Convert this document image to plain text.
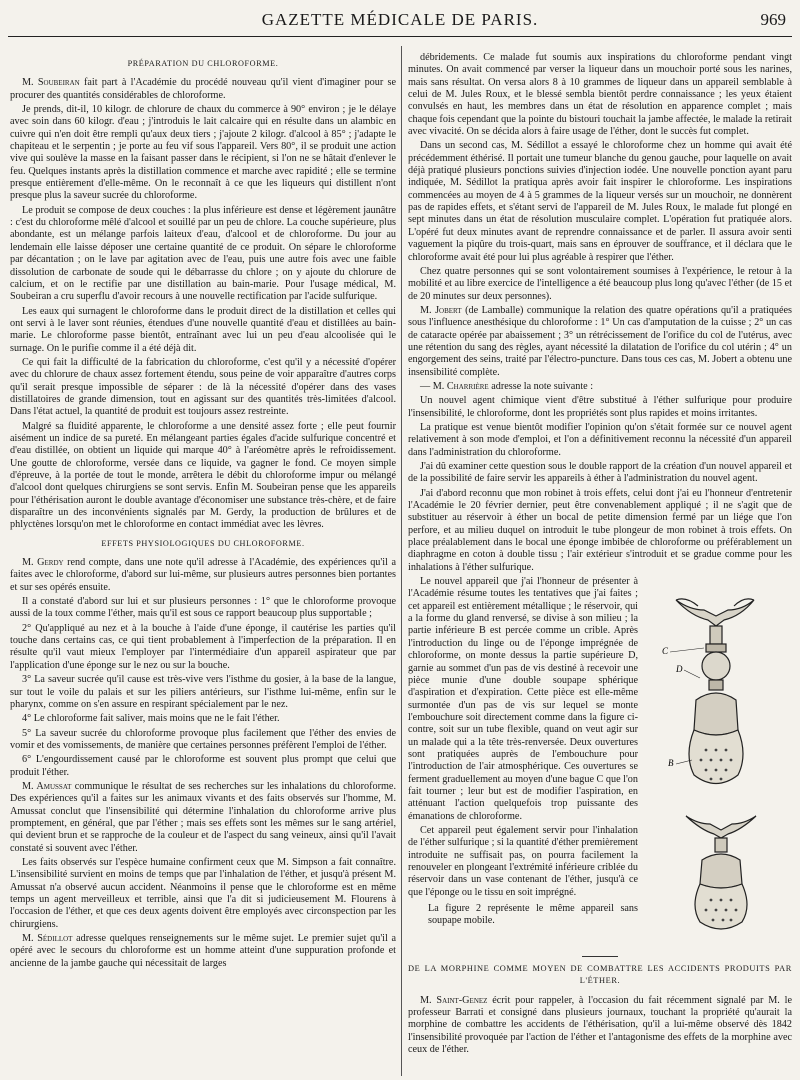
GAZETTE MÉDICALE DE PARIS.	969
PRÉPARATION DU CHLOROFORME.

M. Soubeiran fait part à l'Académie du procédé nouveau qu'il vient d'imaginer pour se procurer des quantités considérables de chloroforme.

Je prends, dit-il, 10 kilogr. de chlorure de chaux du commerce à 90° environ ; je le délaye avec soin dans 60 kilogr. d'eau ; j'introduis le lait calcaire qui en résulte dans un alambic en cuivre qui n'en doit être rempli qu'aux deux tiers ; j'ajoute 2 kilogr. d'alcool à 85° ; j'adapte le chapiteau et le serpentin ; je porte au feu vif sous l'appareil. Vers 80°, il se produit une action vive qui soulève la masse en la faisant passer dans le récipient, si l'on ne se hâtait d'enlever le feu. Quelques instants après la distillation commence et marche avec rapidité ; elle se termine presque entièrement d'elle-même. On le reconnaît à ce que les liqueurs qui distillent n'ont presque plus la saveur sucrée du chloroforme.

Le produit se compose de deux couches : la plus inférieure est dense et légèrement jaunâtre : c'est du chloroforme mêlé d'alcool et souillé par un peu de chlore. La couche supérieure, plus abondante, est un mélange parfois laiteux d'eau, d'alcool et de chloroforme. Du jour au lendemain elle laisse déposer une certaine quantité de ce produit. On sépare le chloroforme par décantation ; on le lave par agitation avec de l'eau, puis une autre fois avec une faible dissolution de carbonate de soude qui le débarrasse du chlore ; on y ajoute du chlorure de calcium, et on le rectifie par une distillation au bain-marie. Pour l'usage médical, M. Soubeiran a cru superflu d'avoir recours à une nouvelle rectification par l'acide sulfurique.

Les eaux qui surnagent le chloroforme dans le produit direct de la distillation et celles qui ont servi à le laver sont réunies, étendues d'une nouvelle quantité d'eau et distillées au bain-marie. Le chloroforme passe bientôt, entraînant avec lui un peu d'eau alcoolisée qui le surnage. On le purifie comme il a été déjà dit.

Ce qui fait la difficulté de la fabrication du chloroforme, c'est qu'il y a nécessité d'opérer avec du chlorure de chaux assez fortement étendu, sous peine de voir apparaître d'autres corps qu'il serait presque impossible de séparer : de là la nécessité d'opérer dans des vases distillatoires de grande dimension, tout en agissant sur des quantités très-limitées d'alcool. Dans l'état actuel, la quantité de produit est toujours assez restreinte.

Malgré sa fluidité apparente, le chloroforme a une densité assez forte ; elle peut fournir aisément un indice de sa pureté. En mélangeant parties égales d'acide sulfurique concentré et d'eau distillée, on obtient un liquide qui marque 40° à l'aréomètre après le refroidissement. Une goutte de chloroforme, versée dans ce liquide, va gagner le fond. Ce moyen simple d'épreuve, à la portée de tout le monde, arrêtera le débit du chloroforme impur ou mélangé d'alcool dont quelques chirurgiens se sont servis. Enfin M. Soubeiran pense que les appareils pour l'éthérisation auront le double avantage d'économiser une substance très-chère, et de faire disparaître un des inconvénients signalés par M. Gerdy, la production de brûlures et de phlyctènes lorsqu'on met le chloroforme en contact immédiat avec les lèvres.

EFFETS PHYSIOLOGIQUES DU CHLOROFORME.

M. Gerdy rend compte, dans une note qu'il adresse à l'Académie, des expériences qu'il a faites avec le chloroforme, d'abord sur lui-même, sur plusieurs autres personnes bien portantes et sur ses opérés ensuite.

Il a constaté d'abord sur lui et sur plusieurs personnes : 1° que le chloroforme provoque aussi de la toux comme l'éther, mais qu'il est sous ce rapport beaucoup plus supportable ;

2° Qu'appliqué au nez et à la bouche à l'aide d'une éponge, il cautérise les parties qu'il touche dans certains cas, ce qui tient probablement à l'imperfection de la préparation. Il en résulte qu'il vaut mieux l'employer par l'intermédiaire d'un appareil aspirateur que par l'application d'une éponge sur le nez ou sur la bouche.

3° La saveur sucrée qu'il cause est très-vive vers l'isthme du gosier, à la base de la langue, sur tout le voile du palais et sur les piliers antérieurs, sur l'isthme lui-même, enfin sur le pharynx, comme on s'en assure en respirant spécialement par le nez.

4° Le chloroforme fait saliver, mais moins que ne le fait l'éther.

5° La saveur sucrée du chloroforme provoque plus facilement que l'éther des envies de vomir et des vomissements, de manière que certaines personnes préfèrent l'emploi de l'éther.

6° L'engourdissement causé par le chloroforme est souvent plus prompt que celui que produit l'éther.

M. Amussat communique le résultat de ses recherches sur les inhalations du chloroforme. Des expériences qu'il a faites sur les animaux vivants et des faits observés sur l'homme, M. Amussat conclut que l'insensibilité qui détermine l'inhalation du chloroforme arrive plus promptement, en général, que par l'éther ; mais ses effets sont les mêmes sur le sang artériel, qui devient brun et se rapproche de la couleur et de l'aspect du sang veineux, ainsi qu'il l'avait constaté si souvent avec l'éther.

Les faits observés sur l'espèce humaine confirment ceux que M. Simpson a fait connaître. L'insensibilité survient en moins de temps que par l'inhalation de l'éther, et jusqu'à présent M. Amussat n'a observé aucun accident. Néanmoins il pense que le chloroforme est en même temps un agent merveilleux et terrible, ainsi que l'a dit si judicieusement M. Flourens à l'occasion de l'éther, et que ces deux agents doivent être employés avec circonspection par les chirurgiens.

M. Sédillot adresse quelques renseignements sur le même sujet. Le premier sujet qu'il a opéré avec le secours du chloroforme est un homme atteint d'une suppuration profonde et ancienne de la jambe gauche qui nécessitait de larges

débridements. Ce malade fut soumis aux inspirations du chloroforme pendant vingt minutes. On avait commencé par verser la liqueur dans un mouchoir porté sous les narines, mais sans résultat. On versa alors 8 à 10 grammes de liqueur dans un appareil semblable à celui de M. Jules Roux, et le blessé sembla bientôt perdre connaissance ; les yeux étaient convulsés en haut, les membres dans un état de résolution en apparence complet ; mais chaque fois cependant que la pointe du bistouri touchait la jambe affectée, le malade la retirait avec vivacité. On se décida alors à faire usage de l'éther, dont le succès fut complet.

Dans un second cas, M. Sédillot a essayé le chloroforme chez un homme qui avait été précédemment éthérisé. Il portait une tumeur blanche du genou gauche, pour laquelle on avait déjà pratiqué plusieurs ponctions suivies d'injection iodée. Une nouvelle ponction ayant paru indiquée, M. Sédillot la pratiqua après avoir fait inspirer le chloroforme. Les inspirations commencées au moyen de 4 à 5 grammes de la liqueur versés sur un mouchoir, ne donnèrent pas de rapides effets, et s'étant servi de l'appareil de M. Jules Roux, le malade fut plongé en sept minutes dans un état de résolution musculaire complet. L'opération fut pratiquée alors. L'opéré fut deux minutes avant de reprendre connaissance et de parler. Il assura avoir senti vaguement la piqûre du trois-quart, mais sans en éprouver de souffrance, et il déclara que le chloroforme avait été pour lui plus agréable à respirer que l'éther.

Chez quatre personnes qui se sont volontairement soumises à l'expérience, le retour à la mobilité et au libre exercice de l'intelligence a été beaucoup plus long qu'avec l'éther (de 15 et de 20 minutes sur deux personnes).

M. Jobert (de Lamballe) communique la relation des quatre opérations qu'il a pratiquées sous l'influence anesthésique du chloroforme : 1° Un cas d'amputation de la cuisse ; 2° un cas de cataracte opérée par abaissement ; 3° un rétrécissement de l'orifice du col de l'utérus, avec une rétention du sang des règles, ayant nécessité la dilatation de l'orifice du col utérin ; 4° un engorgement des seins, traité par l'électro-puncture. Dans tous ces cas, M. Jobert a obtenu une insensibilité complète.

— M. Charrière adresse la note suivante :

Un nouvel agent chimique vient d'être substitué à l'éther sulfurique pour produire l'insensibilité, le chloroforme, dont les propriétés sont plus rapides et moins irritantes.

La pratique est venue bientôt modifier l'opinion qu'on s'était formée sur ce nouvel agent relativement à son mode d'emploi, et l'on a définitivement reconnu la nécessité d'un appareil dans l'administration du chloroforme.

J'ai dû examiner cette question sous le double rapport de la création d'un nouvel appareil et de la possibilité de faire servir les appareils à éther à l'administration du nouvel agent.

J'ai d'abord reconnu que mon robinet à trois effets, celui dont j'ai eu l'honneur d'entretenir l'Académie le 20 février dernier, peut être convenablement appliqué ; il ne s'agit que de substituer au réservoir à éther un bocal de petite dimension fermé par un liége que l'on perfore, et au milieu duquel on introduit le tube plongeur de mon robinet à trois effets. On place préalablement dans le bocal une éponge imbibée de chloroforme ou préférablement un diaphragme en coton à double tissu ; l'air extérieur s'introduit et se gradue comme pour les inhalations à l'éther sulfurique.

C
D
B

Le nouvel appareil que j'ai l'honneur de présenter à l'Académie résume toutes les tentatives que j'ai faites ; cet appareil est entièrement métallique ; le réservoir, qui a la forme du gland renversé, se divise à son milieu ; la partie inférieure B est percée comme un crible. Après l'introduction du linge ou de l'éponge imprégnée de chloroforme, on monte dessus la partie supérieure D, garnie au sommet d'un pas de vis destiné à recevoir une pièce munie d'une double soupape sphérique d'aspiration et d'expiration. Cette pièce est elle-même surmontée d'un pas de vis sur lequel se monte l'embouchure soit directement comme dans la figure ci-contre, soit sur un tube flexible, quand on veut agir sur un malade qui a la tête très-renversée. Deux ouvertures sont pratiquées auprès de l'embouchure pour l'introduction de l'air atmosphérique. Ces ouvertures se ferment graduellement au moyen d'une bague C que l'on fait tourner ; leur but est de modifier l'aspiration, en atténuant l'action quelquefois trop puissante des émanations de chloroforme.

Cet appareil peut également servir pour l'inhalation de l'éther sulfurique ; si la quantité d'éther premièrement introduite ne suffisait pas, on pourra facilement la renouveler en plongeant l'extrémité inférieure criblée du réservoir dans un vase contenant de l'éther, jusqu'à ce que l'éponge ou le tissu en soit imprégné.

La figure 2 représente le même appareil sans soupape mobile.
DE LA MORPHINE COMME MOYEN DE COMBATTRE LES ACCIDENTS PRODUITS PAR L'ÉTHER.

M. Saint-Genez écrit pour rappeler, à l'occasion du fait récemment signalé par M. le professeur Barrati et consigné dans plusieurs journaux, touchant la propriété qu'aurait la morphine de combattre les accidents de l'éthérisation, qu'il a lui-même observé dès 1842 l'insensibilité provoquée par l'action de l'éther et l'antagonisme des effets de la morphine avec ceux de l'éther.
